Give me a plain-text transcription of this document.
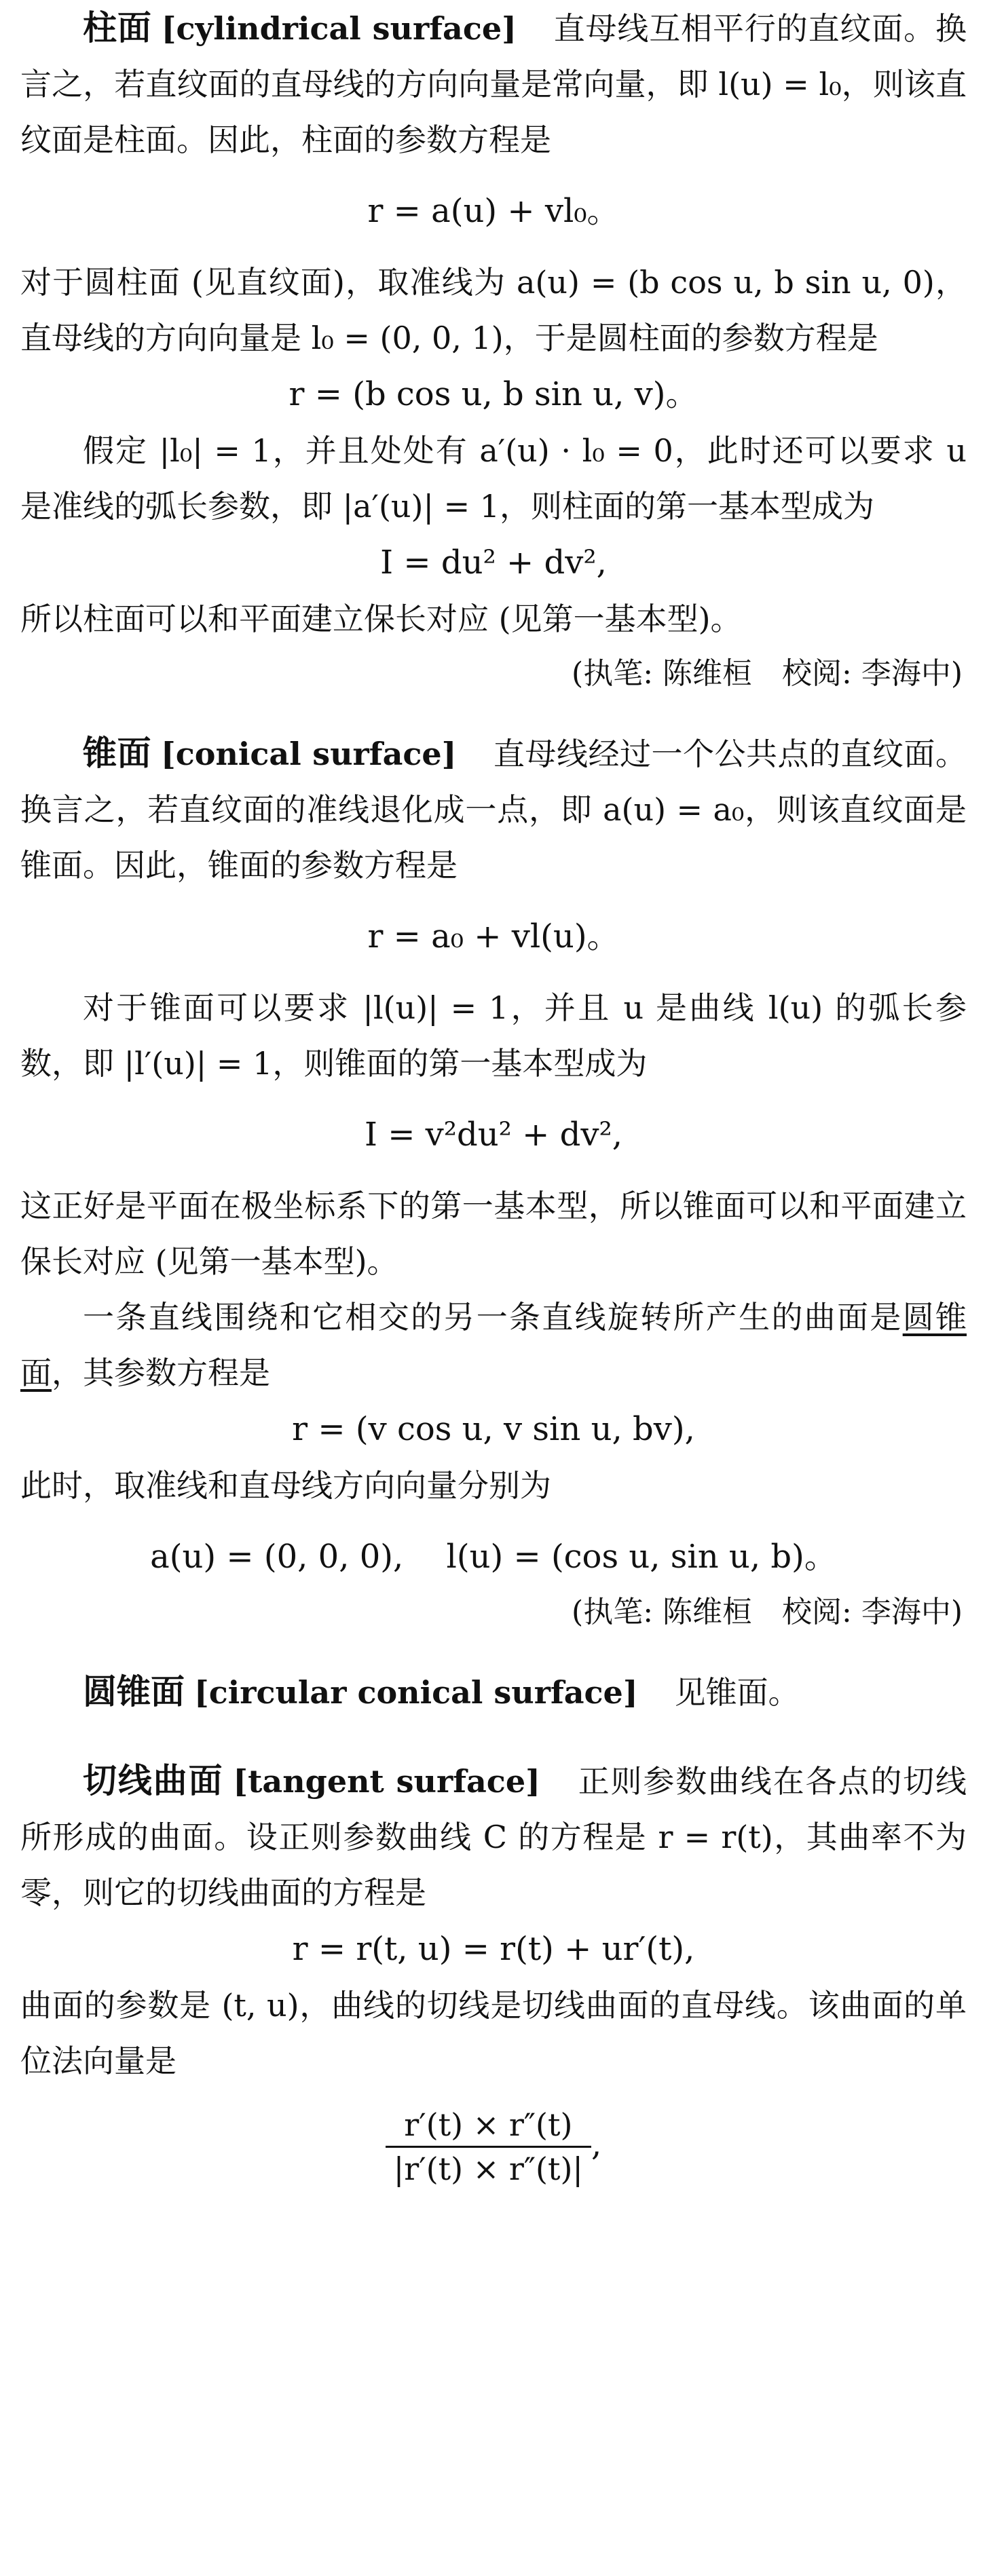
柱面 [cylindrical surface] 直母线互相平行的直纹面。换言之，若直纹面的直母线的方向向量是常向量，即 l(u) = l₀，则该直纹面是柱面。因此，柱面的参数方程是

r = a(u) + vl₀。

对于圆柱面 (见直纹面)，取准线为 a(u) = (b cos u, b sin u, 0)，直母线的方向向量是 l₀ = (0, 0, 1)，于是圆柱面的参数方程是

r = (b cos u, b sin u, v)。

假定 |l₀| = 1，并且处处有 a′(u) · l₀ = 0，此时还可以要求 u 是准线的弧长参数，即 |a′(u)| = 1，则柱面的第一基本型成为

I = du² + dv²,

所以柱面可以和平面建立保长对应 (见第一基本型)。

(执笔: 陈维桓　校阅: 李海中)

锥面 [conical surface] 直母线经过一个公共点的直纹面。换言之，若直纹面的准线退化成一点，即 a(u) = a₀，则该直纹面是锥面。因此，锥面的参数方程是

r = a₀ + vl(u)。

对于锥面可以要求 |l(u)| = 1，并且 u 是曲线 l(u) 的弧长参数，即 |l′(u)| = 1，则锥面的第一基本型成为

I = v²du² + dv²,

这正好是平面在极坐标系下的第一基本型，所以锥面可以和平面建立保长对应 (见第一基本型)。

一条直线围绕和它相交的另一条直线旋转所产生的曲面是圆锥面，其参数方程是

r = (v cos u, v sin u, bv),

此时，取准线和直母线方向向量分别为

a(u) = (0, 0, 0),　 l(u) = (cos u, sin u, b)。

(执笔: 陈维桓　校阅: 李海中)

圆锥面 [circular conical surface] 见锥面。

切线曲面 [tangent surface] 正则参数曲线在各点的切线所形成的曲面。设正则参数曲线 C 的方程是 r = r(t)，其曲率不为零，则它的切线曲面的方程是

r = r(t, u) = r(t) + ur′(t),

曲面的参数是 (t, u)，曲线的切线是切线曲面的直母线。该曲面的单位法向量是

$\frac{r'(t) \times r''(t)}{|r'(t) \times r''(t)|}$ ,
